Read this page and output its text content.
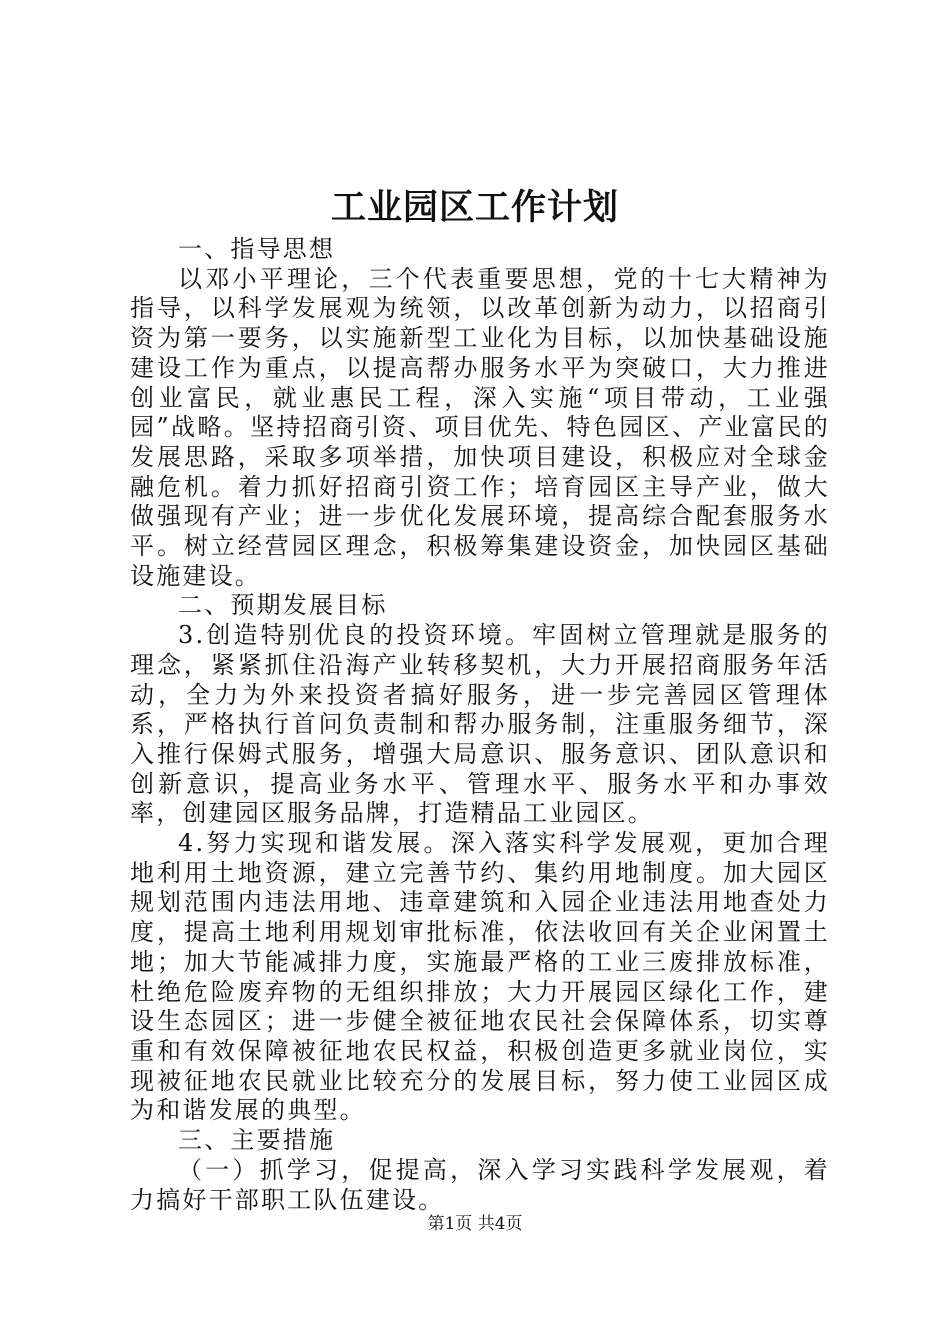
工业园区工作计划

一、指导思想

以邓小平理论，三个代表重要思想，党的十七大精神为指导，以科学发展观为统领，以改革创新为动力，以招商引资为第一要务，以实施新型工业化为目标，以加快基础设施建设工作为重点，以提高帮办服务水平为突破口，大力推进创业富民，就业惠民工程，深入实施“项目带动，工业强园”战略。坚持招商引资、项目优先、特色园区、产业富民的发展思路，采取多项举措，加快项目建设，积极应对全球金融危机。着力抓好招商引资工作；培育园区主导产业，做大做强现有产业；进一步优化发展环境，提高综合配套服务水平。树立经营园区理念，积极筹集建设资金，加快园区基础设施建设。

二、预期发展目标

3.创造特别优良的投资环境。牢固树立管理就是服务的理念，紧紧抓住沿海产业转移契机，大力开展招商服务年活动，全力为外来投资者搞好服务，进一步完善园区管理体系，严格执行首问负责制和帮办服务制，注重服务细节，深入推行保姆式服务，增强大局意识、服务意识、团队意识和创新意识，提高业务水平、管理水平、服务水平和办事效率，创建园区服务品牌，打造精品工业园区。

4.努力实现和谐发展。深入落实科学发展观，更加合理地利用土地资源，建立完善节约、集约用地制度。加大园区规划范围内违法用地、违章建筑和入园企业违法用地查处力度，提高土地利用规划审批标准，依法收回有关企业闲置土地；加大节能减排力度，实施最严格的工业三废排放标准，杜绝危险废弃物的无组织排放；大力开展园区绿化工作，建设生态园区；进一步健全被征地农民社会保障体系，切实尊重和有效保障被征地农民权益，积极创造更多就业岗位，实现被征地农民就业比较充分的发展目标，努力使工业园区成为和谐发展的典型。

三、主要措施

（一）抓学习，促提高，深入学习实践科学发展观，着力搞好干部职工队伍建设。

第1页 共4页
